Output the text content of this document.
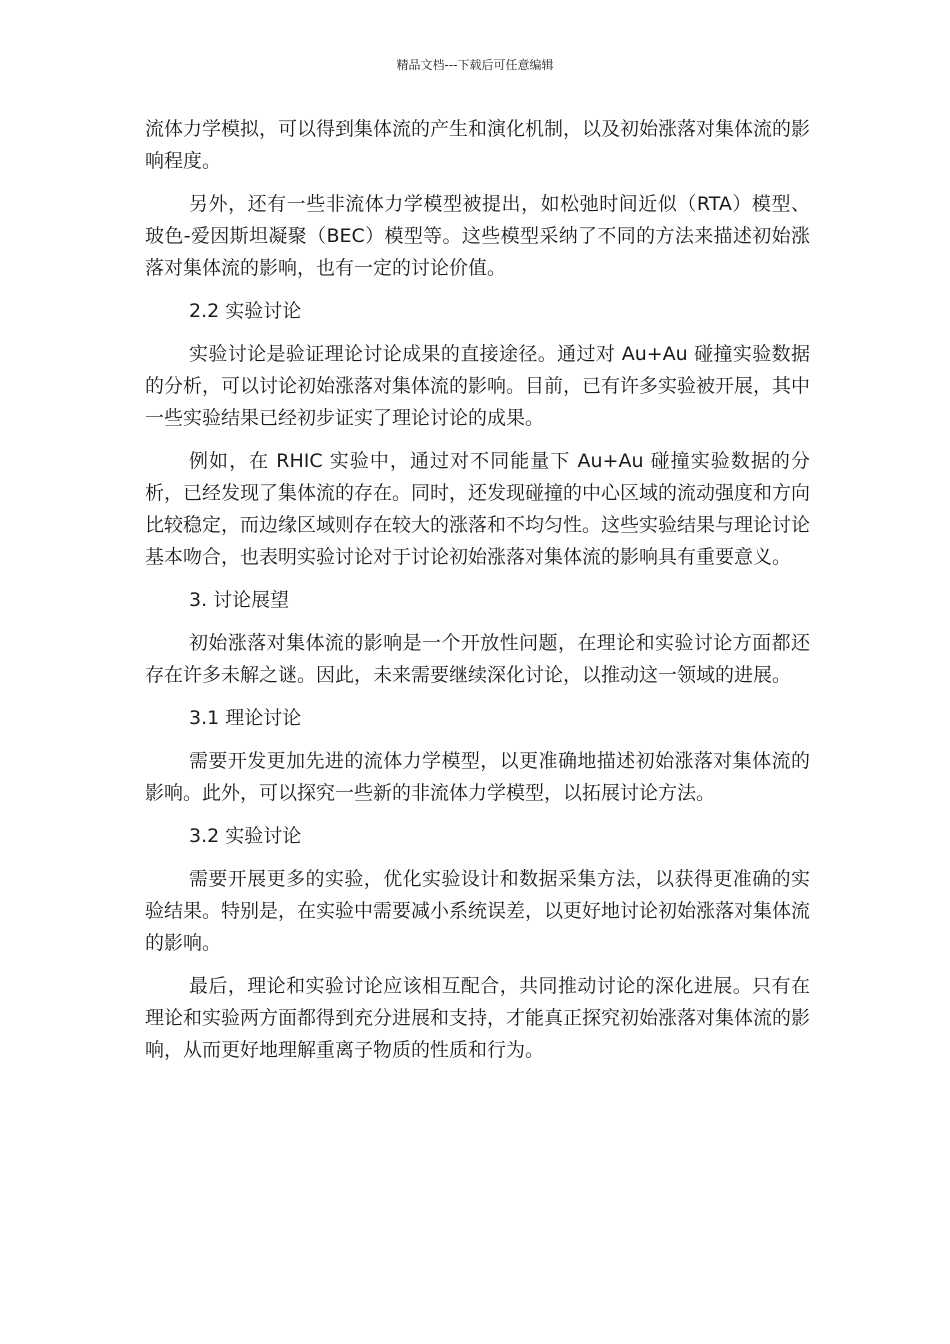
精品文档---下载后可任意编辑

流体力学模拟，可以得到集体流的产生和演化机制，以及初始涨落对集体流的影响程度。

另外，还有一些非流体力学模型被提出，如松弛时间近似（RTA）模型、玻色-爱因斯坦凝聚（BEC）模型等。这些模型采纳了不同的方法来描述初始涨落对集体流的影响，也有一定的讨论价值。

2.2 实验讨论

实验讨论是验证理论讨论成果的直接途径。通过对 Au+Au 碰撞实验数据的分析，可以讨论初始涨落对集体流的影响。目前，已有许多实验被开展，其中一些实验结果已经初步证实了理论讨论的成果。

例如，在 RHIC 实验中，通过对不同能量下 Au+Au 碰撞实验数据的分析，已经发现了集体流的存在。同时，还发现碰撞的中心区域的流动强度和方向比较稳定，而边缘区域则存在较大的涨落和不均匀性。这些实验结果与理论讨论基本吻合，也表明实验讨论对于讨论初始涨落对集体流的影响具有重要意义。

3. 讨论展望

初始涨落对集体流的影响是一个开放性问题，在理论和实验讨论方面都还存在许多未解之谜。因此，未来需要继续深化讨论，以推动这一领域的进展。

3.1 理论讨论

需要开发更加先进的流体力学模型，以更准确地描述初始涨落对集体流的影响。此外，可以探究一些新的非流体力学模型，以拓展讨论方法。

3.2 实验讨论

需要开展更多的实验，优化实验设计和数据采集方法，以获得更准确的实验结果。特别是，在实验中需要减小系统误差，以更好地讨论初始涨落对集体流的影响。

最后，理论和实验讨论应该相互配合，共同推动讨论的深化进展。只有在理论和实验两方面都得到充分进展和支持，才能真正探究初始涨落对集体流的影响，从而更好地理解重离子物质的性质和行为。
